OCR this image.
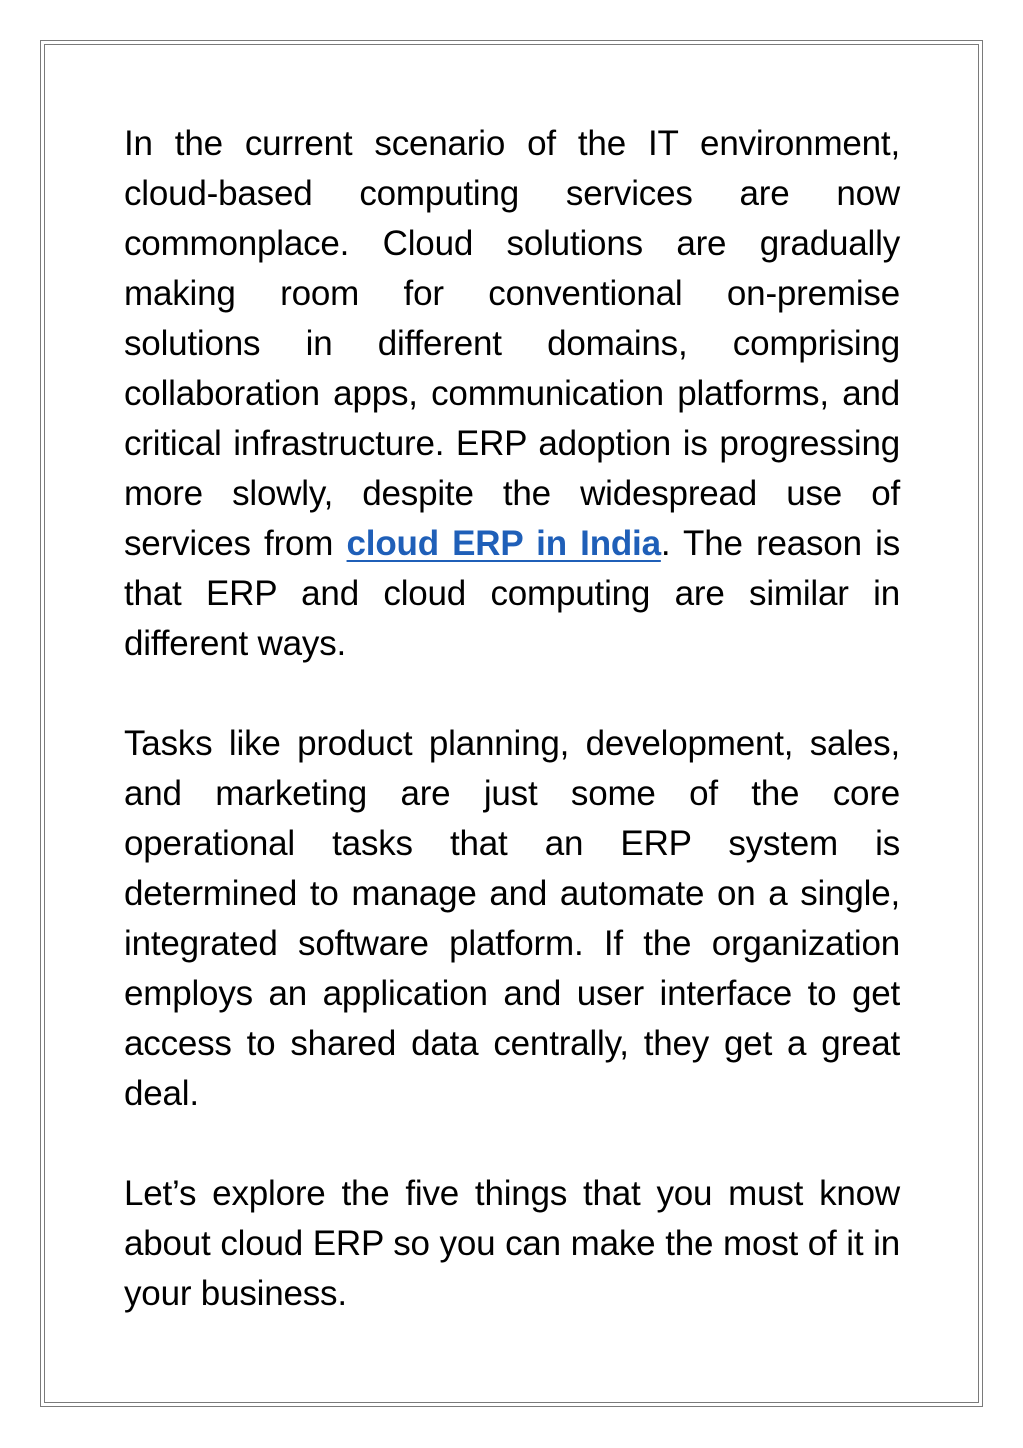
In the current scenario of the IT environment, cloud-based computing services are now commonplace. Cloud solutions are gradually making room for conventional on-premise solutions in different domains, comprising collaboration apps, communication platforms, and critical infrastructure. ERP adoption is progressing more slowly, despite the widespread use of services from cloud ERP in India. The reason is that ERP and cloud computing are similar in different ways.

Tasks like product planning, development, sales, and marketing are just some of the core operational tasks that an ERP system is determined to manage and automate on a single, integrated software platform. If the organization employs an application and user interface to get access to shared data centrally, they get a great deal.

Let’s explore the five things that you must know about cloud ERP so you can make the most of it in your business.
